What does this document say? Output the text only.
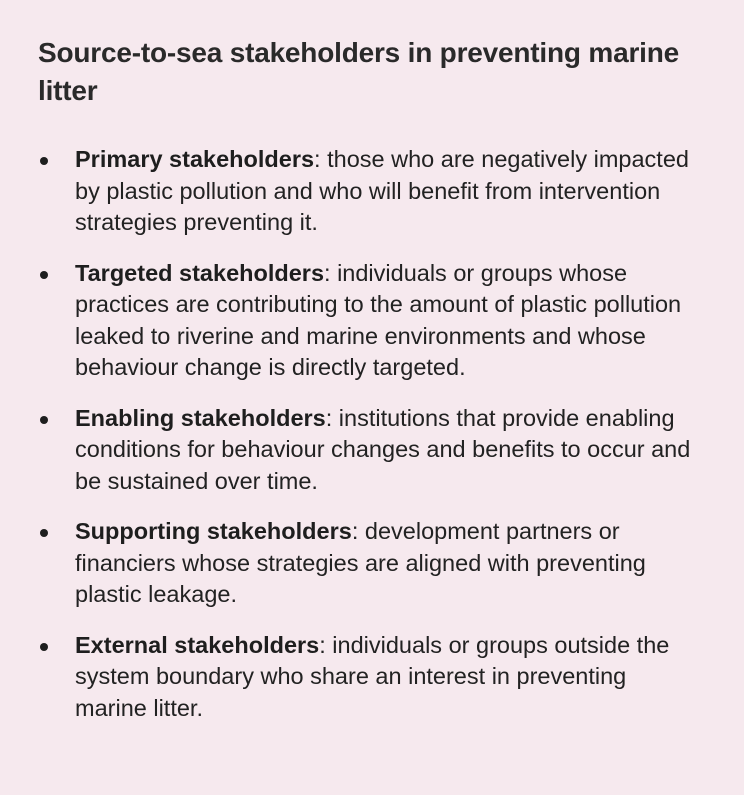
Source-to-sea stakeholders in preventing marine litter
Primary stakeholders: those who are negatively impacted by plastic pollution and who will benefit from intervention strategies preventing it.
Targeted stakeholders: individuals or groups whose practices are contributing to the amount of plastic pollution leaked to riverine and marine environments and whose behaviour change is directly targeted.
Enabling stakeholders: institutions that provide enabling conditions for behaviour changes and benefits to occur and be sustained over time.
Supporting stakeholders: development partners or financiers whose strategies are aligned with preventing plastic leakage.
External stakeholders: individuals or groups outside the system boundary who share an interest in preventing marine litter.
